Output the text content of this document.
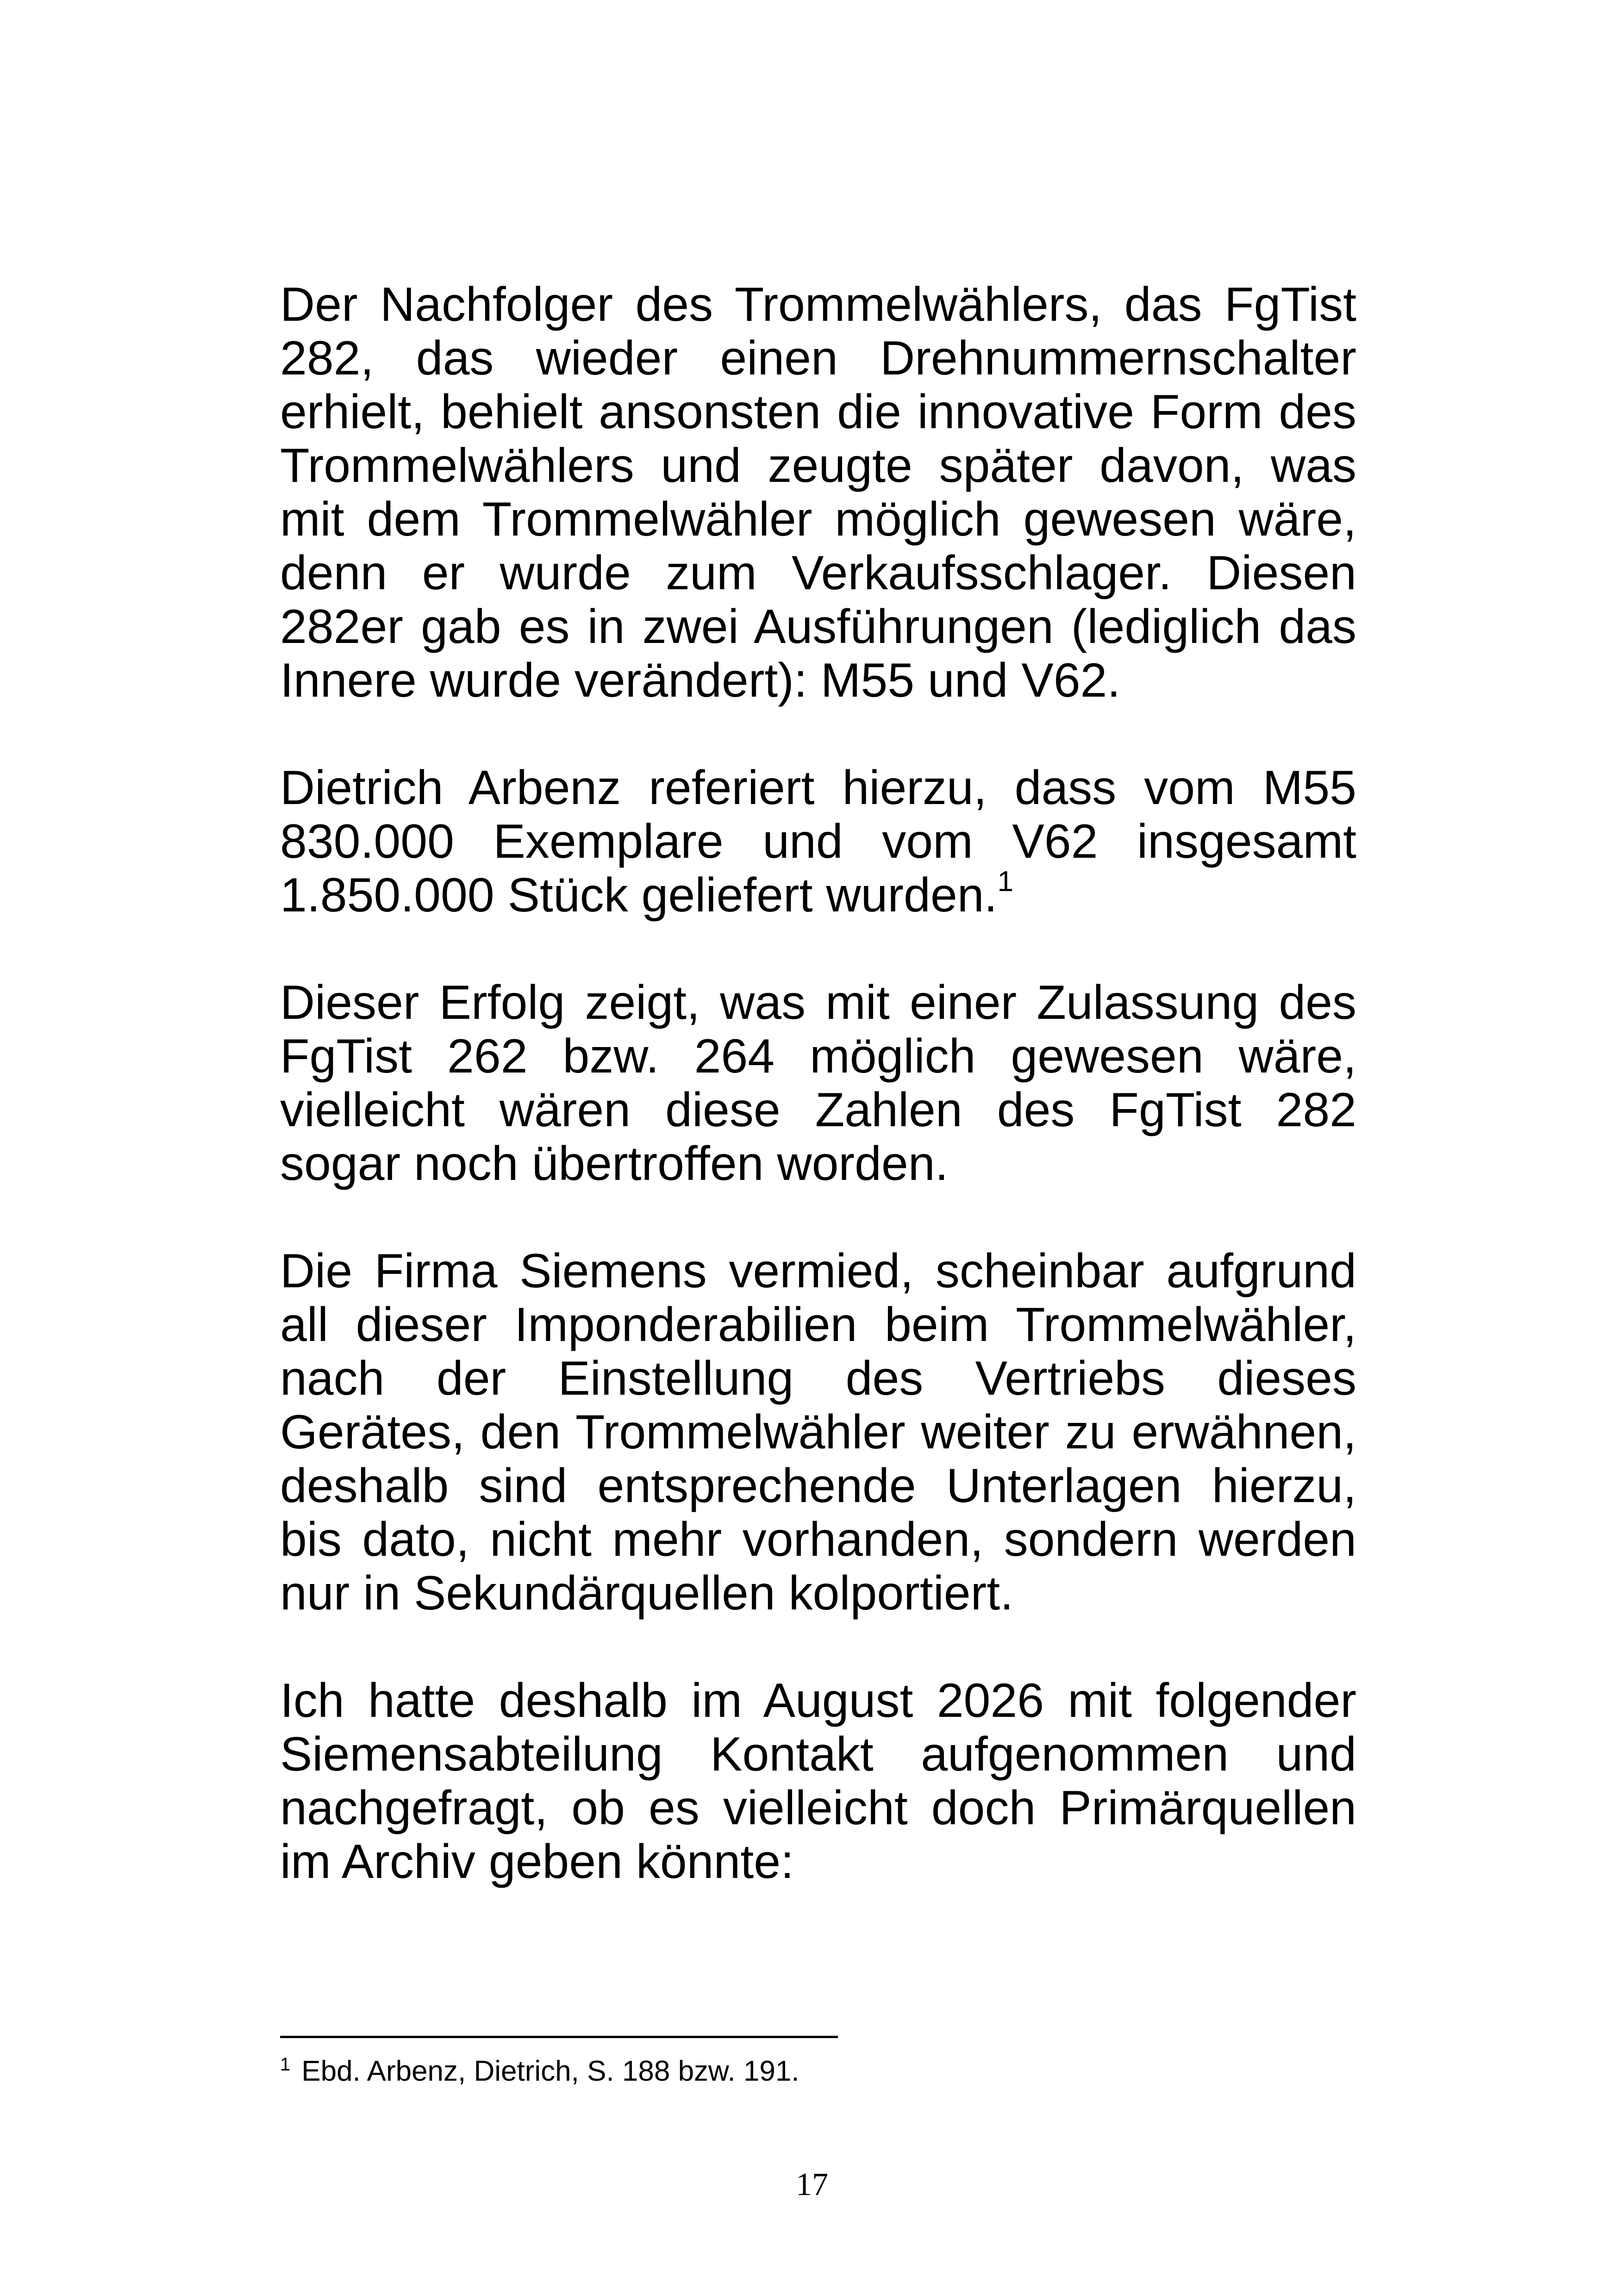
Der Nachfolger des Trommelwählers, das FgTist 282, das wieder einen Drehnummernschalter erhielt, behielt ansonsten die innovative Form des Trommelwählers und zeugte später davon, was mit dem Trommelwähler möglich gewesen wäre, denn er wurde zum Verkaufsschlager. Diesen 282er gab es in zwei Ausführungen (lediglich das Innere wurde verändert): M55 und V62.

Dietrich Arbenz referiert hierzu, dass vom M55 830.000 Exemplare und vom V62 insgesamt 1.850.000 Stück geliefert wurden.$^1$

Dieser Erfolg zeigt, was mit einer Zulassung des FgTist 262 bzw. 264 möglich gewesen wäre, vielleicht wären diese Zahlen des FgTist 282 sogar noch übertroffen worden.

Die Firma Siemens vermied, scheinbar aufgrund all dieser Imponderabilien beim Trommelwähler, nach der Einstellung des Vertriebs dieses Gerätes, den Trommelwähler weiter zu erwähnen, deshalb sind entsprechende Unterlagen hierzu, bis dato, nicht mehr vorhanden, sondern werden nur in Sekundärquellen kolportiert.

Ich hatte deshalb im August 2026 mit folgender Siemensabteilung Kontakt aufgenommen und nachgefragt, ob es vielleicht doch Primärquellen im Archiv geben könnte:

$^1$ Ebd. Arbenz, Dietrich, S. 188 bzw. 191.
17
